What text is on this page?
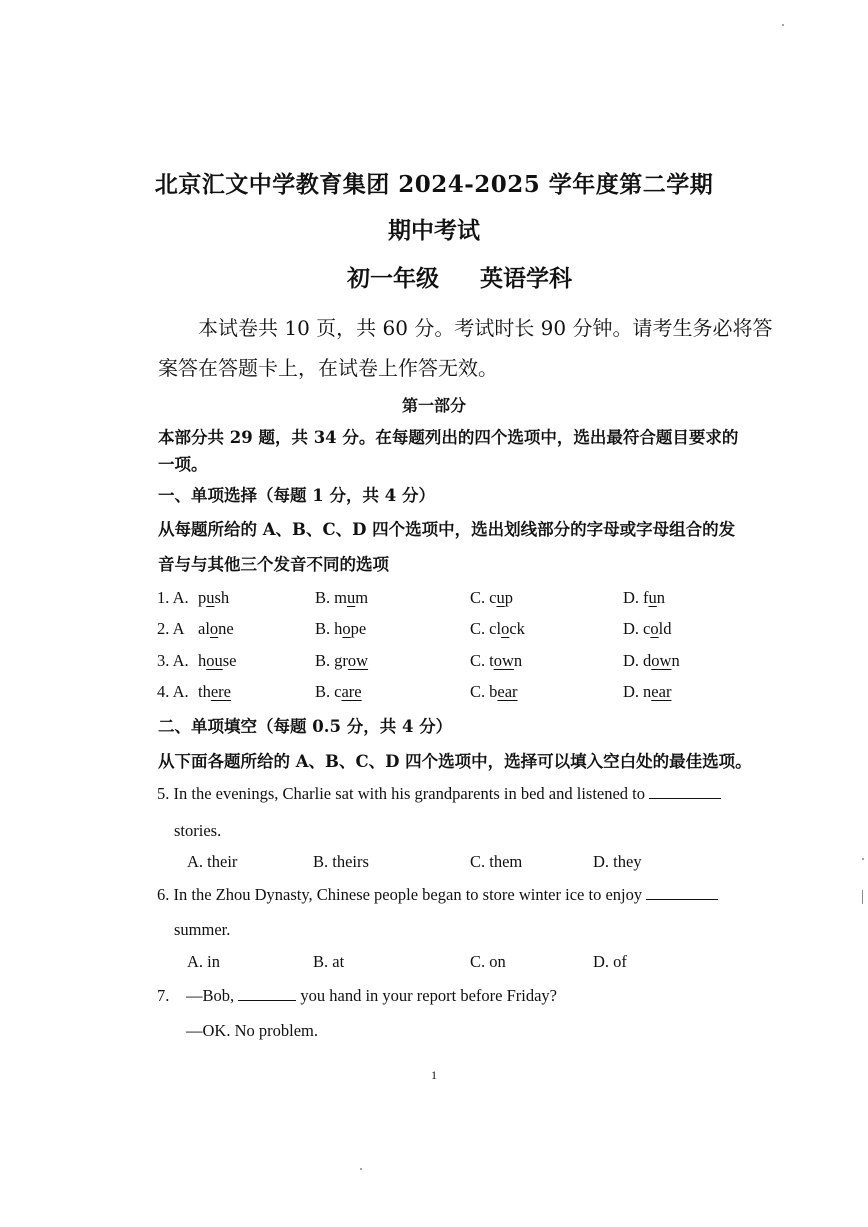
北京汇文中学教育集团 2024-2025 学年度第二学期
期中考试
初一年级 英语学科
本试卷共 10 页，共 60 分。考试时长 90 分钟。请考生务必将答
案答在答题卡上，在试卷上作答无效。
第一部分
本部分共 29 题，共 34 分。在每题列出的四个选项中，选出最符合题目要求的
一项。
一、单项选择（每题 1 分，共 4 分）
从每题所给的 A、B、C、D 四个选项中，选出划线部分的字母或字母组合的发
音与与其他三个发音不同的选项
1. A. push	B. mum	C. cup	D. fun
2. A alone	B. hope	C. clock	D. cold
3. A. house	B. grow	C. town	D. down
4. A. there	B. care	C. bear	D. near
二、单项填空（每题 0.5 分，共 4 分）
从下面各题所给的 A、B、C、D 四个选项中，选择可以填入空白处的最佳选项。
5. In the evenings, Charlie sat with his grandparents in bed and listened to
stories.
A. their	B. theirs	C. them	D. they
6. In the Zhou Dynasty, Chinese people began to store winter ice to enjoy
summer.
A. in	B. at	C. on	D. of
7. —Bob,	you hand in your report before Friday?
—OK. No problem.
1
